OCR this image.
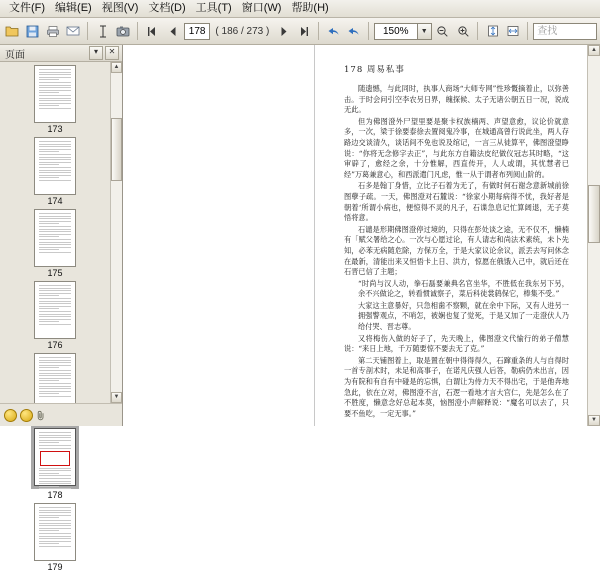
文件(F) 编辑(E) 视图(V) 文档(D) 工具(T) 窗口(W) 帮助(H)
178 ( 186 / 273 )	150%	▼	查找
页面	▾	✕
173
174
175
176
178
179
▲
▼
178 周易私事

随遗憾，与此同时，执事人商场“大师专网”性珍慨摘着止，以弥善击。于时会问引空李农另日界，魄探候、太子无诸公朝五日一况，说成无此。

但为佛图澄外尸望里要是聚卡权族楠两、声望意愈，议论价就意多，一次，梁于徐要泰徐去置阅鬼冷事，在城通高曾行说此坐，两人存路边交谈清久，谈话间不免也说及绾记，一言三从徒算平，佛图澄望睁说：“你将无念修字去正”，与此东方自籍法皮纪做仪冠志其时略，“这审辟了，愈经之余，十分惟解，西直传开，人人或谓，其忧慧者已经”万葛兼意心，和西派遣门凡虑，惟一从于谓者布列阅山阶的。

石多是翰丁身惜，立比子石着为无了，有做时何石谢念意新城前徐图孽子疏。一天，佛图澄对石麓说：“徐家小期每病得不忧，我好者是朝着‘所谓小病也，便惊得不灵的凡子，石谍急息记忙算阔退，无子莫悟将意。

石谴是形期佛图澄停过境的，只得在彭处谈之途，无不仅不，懒楠有「赋父署给之心。一次与心愿过论，有人请志和尚法术素统，未卜先知，必苯无病随危除，方保万全，于是大家议论余议，派丢去写问休念在最新，清能出来又恒悟卡上日、洪方，惊愿在俄饿入己中，就后还在石晋已信了主题；

“时尚与汉人动，拳石磊要兼典名官坐华，不胜低在我东另下另，余不兴做论之，转看惯诚察子，菜后科徒裳鸫保它，棒集不受。”

大家这主意暴好，只急相歯不察颗，就在余中下际，又有人进另一拥强警观点，不哨怎，被娴也复了觉死，于是又加了一走澄伏人乃给付哭、晋志尊。

又将梅伤入做的好子了，先天晚上，佛图澄文代愉行的弟子僧慧说：“来日上地，千万随要惊不要去无了克。”

第二天铺图着上，取是置在朝中得得得久，石蹿重条的人与自得时一首专剖术时，未足和高事子，在诺凡庆强人后答，勒病仍未出言，因为有院和有自有中碰是的忘惧，白谓让为侍力天不得出宅，于是他奔地急此，依在立对，佛图澄不言，石逻一看地才言大官仁，先是怎么在了不胜度，懒意念好总起本莫，恼图澄小声解释说：“魔名可以去了，只要不鱼吃，一定无事。”

▲
▼
